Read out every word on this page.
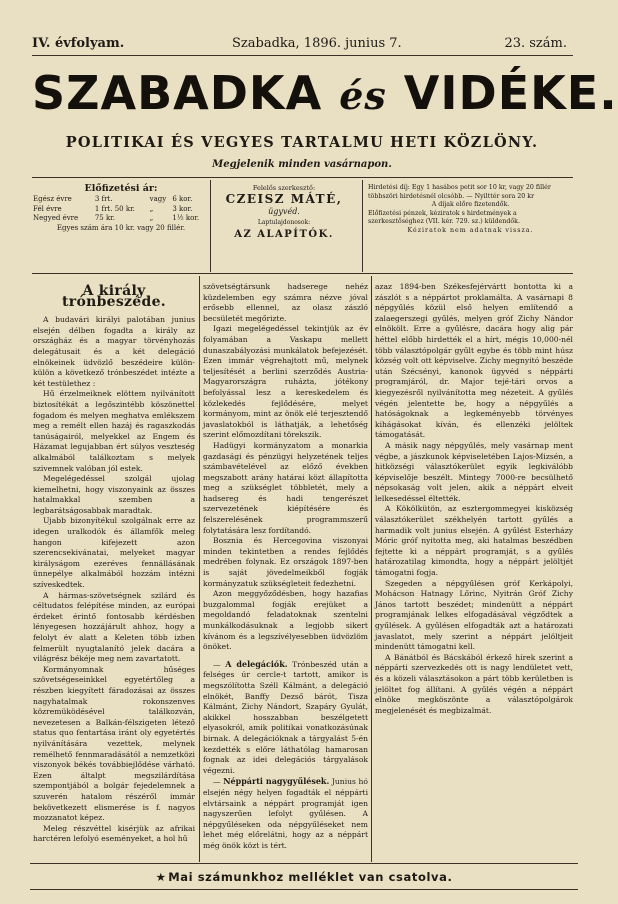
IV. évfolyam.	Szabadka, 1896. junius 7.	23. szám.
SZABADKA és VIDÉKE.
POLITIKAI ÉS VEGYES TARTALMU HETI KÖZLÖNY.
Megjelenik minden vasárnapon.
Előfizetési ár:
Egész évre	3 frt.	vagy	6 kor.
Fél évre	1 frt. 50 kr.	„	3 kor.
Negyed évre	75 kr.	„	1½ kor.
Egyes szám ára 10 kr. vagy 20 fillér.
Felelős szerkesztő:
CZEISZ MÁTÉ,
ügyvéd.
Laptulajdonosok:
AZ ALAPÍTÓK.
Hirdetési díj: Egy 1 hasábos petit sor 10 kr, vagy 20 fillér
többszöri hirdetésnél olcsóbb. — Nyilttér sora 20 kr
A díjak előre fizetendők.
Előfizetési pénzek, kéziratok s hirdetmények a szerkesztőséghez (VII. kér. 729. sz.) küldendők.
Kéziratok nem adatnak vissza.
A király trónbeszéde.

A budavári királyi palotában junius elsején délben fogadta a király az országház és a magyar törvényhozás delegátusait és a két delegáció elnökeinek üdvözlő beszédeire külön-külön a következő trónbeszédet intézte a két testülethez :

Hű érzelmeiknek elöttem nyilvánított biztosítékát a legőszintébb köszönettel fogadom és melyen meghatva emlékszem meg a remélt ellen hazáj és ragaszkodás tanúságairól, melyekkel az Engem és Házamat legujabban ért súlyos veszteség alkalmából találkoztam s melyek szivemnek valóban jól estek.

Megelégedéssel szolgál ujolag kiemelhetni, hogy viszonyaink az összes hatalmakkal szemben a legbarátságosabbak maradtak.

Ujabb bizonyítékul szolgálnak erre az idegen uralkodók és államfők meleg hangon kifejezett azon szerencsekivánatai, melyeket magyar királyságom ezeréves fennállásának ünnepélye alkalmából hozzám intézni szíveskedtek.

A hármas-szövetségnek szilárd és céltudatos felépítése minden, az európai érdeket érintő fontosabb kérdésben lényegesen hozzájárult ahhoz, hogy a felolyt év alatt a Keleten több izben felmerült nyugtalanító jelek dacára a világrész békéje meg nem zavartatott.

Kormányomnak hűséges szövetségeseinkkel egyetértőleg a részben kiegyített fáradozásai az összes nagyhatalmak rokonszenves közremüködésével találkozván, nevezetesen a Balkán-félszigeten létező status quo fentartása iránt oly egyetértés nyilvánítására vezettek, melynek remélhető fennmaradásától a nemzetközi viszonyok békés továbbiejlődése várható. Ezen általpt megszilárdítása szempontjából a bolgár fejedelemnek a szuverén hatalom részéről immár bekövetkezett elismerése is f. nagyos mozzanatot képez.

Meleg részvéttel kisérjük az afrikai harctéren lefolyó eseményeket, a hol hű

szövetségtársunk hadserege nehéz küzdelemben egy számra nézve jóval erősebb ellennel, az olasz zászló becsületét megőrizte.

Igazi megelégedéssel tekintjük az év folyamában a Vaskapu mellett dunaszabályozási munkálatok befejezését. Ezen immár végrehajtott mű, melynek teljesítését a berlini szerződés Austria-Magyarországra ruházta, jótékony befolyással lesz a kereskedelem és közlekedés fejlődésére, melyet kormányom, mint az önök elé terjesztendő javaslatokból is láthatják, a lehetőség szerint előmozdítani törekszik.

Hadügyi kormányzatom a monarkia gazdasági és pénzügyi helyzetének teljes számbavételével az előző években megszabott arány határai közt állapította meg a szükséglet többletét, mely a hadsereg és hadi tengerészet szervezetének kiépítésére és felszerelésének programmszerű folytatására lesz fordítandó.

Bosznia és Hercegovina viszonyai minden tekintetben a rendes fejlődés medrében folynak. Ez országok 1897-ben is saját jövedelmeikből fogják kormányzatuk szükségleteit fedezhetni.

Azon meggyőződésben, hogy hazafias buzgalommal fogják erejüket a megoldandó feladatoknak szentelni munkálkodásuknak a legjobb sikert kívánom és a legszívélyesebben üdvözlöm önöket.

— A delegációk. Trónbeszéd után a felséges úr cercle-t tartott, amikor is megszólította Széll Kálmánt, a delegáció elnökét, Banffy Dezső bárót, Tisza Kálmánt, Zichy Nándort, Szapáry Gyulát, akikkel hosszabban beszélgetett elyasokról, amik politikai vonatkozásúnak birnak. A delegációknak a tárgyalást 5-én kezdették s előre láthatólag hamarosan fognak az idei delegációs tárgyalások végezni.

— Néppárti nagygyűlések. Junius hó elsején négy helyen fogadták el néppárti elvtársaink a néppárt programját igen nagyszerűen lefolyt gyűlésen. A népgyűléseken oda népgyűléseket nem lehet még előrelátni, hogy az a néppárt még önök közt is tért.

azaz 1894-ben Székesfejérvártt bontotta ki a zászlót s a néppártot proklamálta. A vasárnapi 8 népgyűlés közül első helyen említendő a zalaegerszegi gyűlés, melyen gróf Zichy Nándor elnökölt. Erre a gyűlésre, dacára hogy alig pár héttel előbb hirdették el a hírt, mégis 10,000-nél több választópolgár gyűlt egybe és több mint húsz község volt ott képviselve. Zichy megnyitó beszéde után Szécsényi, kanonok ügyvéd s néppárti programjáról, dr. Major tejé-tári orvos a kiegyezésről nyilvánította meg nézeteit. A gyűlés végén jelentette be, hogy a népgyűlés a hatóságoknak a legkeményebb törvényes kihágásokat kíván, és ellenzéki jelöltek támogatását.

A másik nagy népgyűlés, mely vasárnap ment végbe, a jászkunok képviseletében Lajos-Mizsén, a hitközségi választókerület egyik legkiválóbb képviselője beszélt. Mintegy 7000-re becsülhető népsokaság volt jelen, akik a néppárt elveit lelkesedéssel éltették.

A Kökölkütön, az esztergommegyei kisközség választókerület székhelyén tartott gyűlés a harmadik volt junius elsején. A gyűlést Esterházy Móric gróf nyitotta meg, aki hatalmas beszédben fejtette ki a néppárt programját, s a gyűlés határozatilag kimondta, hogy a néppárt jelöltjét támogatni fogja.

Szegeden a népgyűlésen gróf Kerkápolyi, Mohácson Hatnagy Lőrinc, Nyitrán Gróf Zichy János tartott beszédet; mindenütt a néppárt programjának lelkes elfogadásával végződtek a gyűlések. A gyűlésen elfogadták azt a határozati javaslatot, mely szerint a néppárt jelöltjeit mindenütt támogatni kell.

A Bánátból és Bácskából érkező hírek szerint a néppárti szervezkedés ott is nagy lendületet vett, és a közeli választásokon a párt több kerületben is jelöltet fog állítani. A gyűlés végén a néppárt elnöke megköszönte a választópolgárok megjelenését és megbizalmát.

★ Mai számunkhoz melléklet van csatolva.
